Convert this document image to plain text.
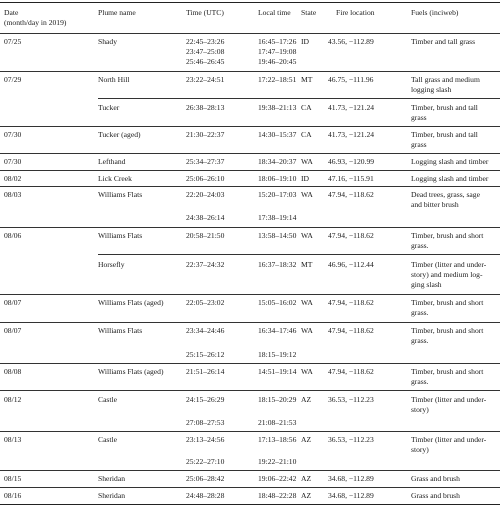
Date
(month/day in 2019)
Plume name	Time (UTC)	Local time	State	Fire location	Fuels (inciweb)
07/25	Shady	22:45–23:26	16:45–17:26 ID	43.56, −112.89	Timber and tall grass
23:47–25:08	17:47–19:08
25:46–26:45	19:46–20:45
07/29	North Hill	23:22–24:51	17:22–18:51 MT	46.75, −111.96	Tall grass and medium
logging slash
Tucker	26:38–28:13	19:38–21:13 CA	41.73, −121.24	Timber, brush and tall
grass
07/30	Tucker (aged)	21:30–22:37	14:30–15:37 CA	41.73, −121.24	Timber, brush and tall
grass
07/30	Lefthand	25:34–27:37	18:34–20:37 WA	46.93, −120.99	Logging slash and timber
08/02	Lick Creek	25:06–26:10	18:06–19:10 ID	47.16, −115.91	Logging slash and timber
08/03	Williams Flats	22:20–24:03	15:20–17:03 WA	47.94, −118.62	Dead trees, grass, sage
and bitter brush
24:38–26:14	17:38–19:14
08/06	Williams Flats	20:58–21:50	13:58–14:50 WA	47.94, −118.62	Timber, brush and short
grass.
Horsefly	22:37–24:32	16:37–18:32 MT	46.96, −112.44	Timber (litter and under-
story) and medium log-
ging slash
08/07	Williams Flats (aged)	22:05–23:02	15:05–16:02 WA	47.94, −118.62	Timber, brush and short
grass.
08/07	Williams Flats	23:34–24:46	16:34–17:46 WA	47.94, −118.62	Timber, brush and short
grass.
25:15–26:12	18:15–19:12
08/08	Williams Flats (aged)	21:51–26:14	14:51–19:14 WA	47.94, −118.62	Timber, brush and short
grass.
08/12	Castle	24:15–26:29	18:15–20:29 AZ	36.53, −112.23	Timber (litter and under-
story)
27:08–27:53	21:08–21:53
08/13	Castle	23:13–24:56	17:13–18:56 AZ	36.53, −112.23	Timber (litter and under-
story)
25:22–27:10	19:22–21:10
08/15	Sheridan	25:06–28:42	19:06–22:42 AZ	34.68, −112.89	Grass and brush
08/16	Sheridan	24:48–28:28	18:48–22:28 AZ	34.68, −112.89	Grass and brush
